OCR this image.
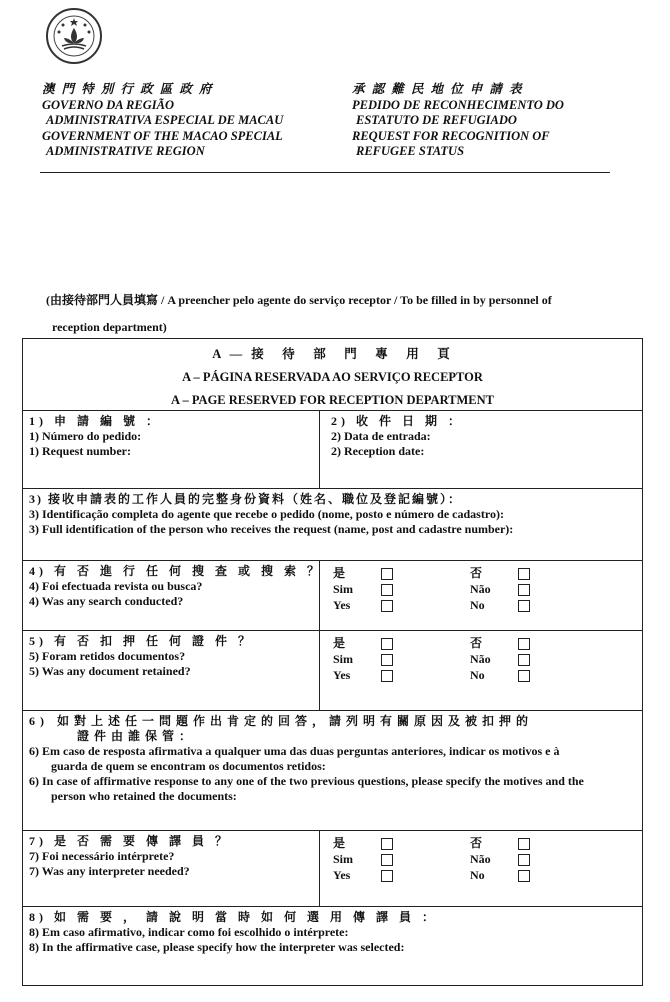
澳 門 特 別 行 政 區 政 府
GOVERNO DA REGIÃO
ADMINISTRATIVA ESPECIAL DE MACAU
GOVERNMENT OF THE MACAO SPECIAL
ADMINISTRATIVE REGION
承 認 難 民 地 位 申 請 表
PEDIDO DE RECONHECIMENTO DO
ESTATUTO DE REFUGIADO
REQUEST FOR RECOGNITION OF
REFUGEE STATUS
(由接待部門人員填寫 / A preencher pelo agente do serviço receptor / To be filled in by personnel of
reception department)
A — 接　待　部　門　專　用　頁
A – PÁGINA RESERVADA AO SERVIÇO RECEPTOR
A – PAGE RESERVED FOR RECEPTION DEPARTMENT
1) 申 請 編 號 ：
1) Número do pedido:
1) Request number:
2) 收 件 日 期 ：
2) Data de entrada:
2) Reception date:
3) 接收申請表的工作人員的完整身份資料（姓名、職位及登記編號）：
3) Identificação completa do agente que recebe o pedido (nome, posto e número de cadastro):
3) Full identification of the person who receives the request (name, post and cadastre number):
4) 有 否 進 行 任 何 搜 查 或 搜 索 ？
4) Foi efectuada revista ou busca?
4) Was any search conducted?
是
Sim
Yes
否
Não
No
5) 有 否 扣 押 任 何 證 件 ？
5) Foram retidos documentos?
5) Was any document retained?
是
Sim
Yes
否
Não
No
6) 如對上述任一問題作出肯定的回答，請列明有關原因及被扣押的
證件由誰保管：
6) Em caso de resposta afirmativa a qualquer uma das duas perguntas anteriores, indicar os motivos e à
guarda de quem se encontram os documentos retidos:
6) In case of affirmative response to any one of the two previous questions, please specify the motives and the
person who retained the documents:
7) 是 否 需 要 傳 譯 員 ？
7) Foi necessário intérprete?
7) Was any interpreter needed?
是
Sim
Yes
否
Não
No
8) 如 需 要 ， 請 說 明 當 時 如 何 選 用 傳 譯 員 ：
8) Em caso afirmativo, indicar como foi escolhido o intérprete:
8) In the affirmative case, please specify how the interpreter was selected:
